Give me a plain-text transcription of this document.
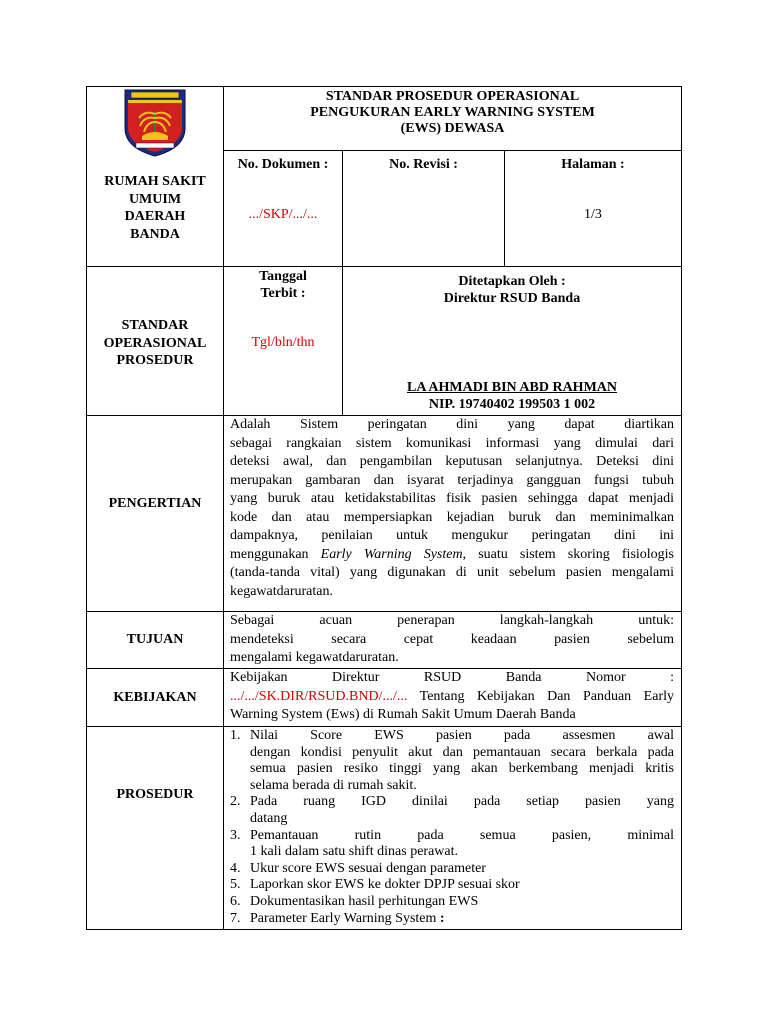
RUMAH SAKIT
UMUIM
DAERAH
BANDA
STANDAR PROSEDUR OPERASIONAL
PENGUKURAN EARLY WARNING SYSTEM
(EWS) DEWASA
No. Dokumen :
.../SKP/.../...
No. Revisi :	Halaman :
1/3
STANDAR
OPERASIONAL
PROSEDUR
Tanggal
Terbit :
Tgl/bln/thn
Ditetapkan Oleh :
Direktur RSUD Banda
LA AHMADI BIN ABD RAHMAN
NIP. 19740402 199503 1 002
PENGERTIAN

Adalah Sistem peringatan dini yang dapat diartikan

sebagai rangkaian sistem komunikasi informasi yang dimulai dari

deteksi awal, dan pengambilan keputusan selanjutnya. Deteksi dini

merupakan gambaran dan isyarat terjadinya gangguan fungsi tubuh

yang buruk atau ketidakstabilitas fisik pasien sehingga dapat menjadi

kode dan atau mempersiapkan kejadian buruk dan meminimalkan

dampaknya, penilaian untuk mengukur peringatan dini ini

menggunakan Early Warning System, suatu sistem skoring fisiologis

(tanda-tanda vital) yang digunakan di unit sebelum pasien mengalami

kegawatdaruratan.

TUJUAN

Sebagai acuan penerapan langkah-langkah untuk:

mendeteksi secara cepat keadaan pasien sebelum

mengalami kegawatdaruratan.

KEBIJAKAN

Kebijakan Direktur RSUD Banda Nomor :

.../.../SK.DIR/RSUD.BND/.../... Tentang Kebijakan Dan Panduan Early

Warning System (Ews) di Rumah Sakit Umum Daerah Banda

PROSEDUR
1. Nilai Score EWS pasien pada assesmen awal
dengan kondisi penyulit akut dan pemantauan secara berkala pada
semua pasien resiko tinggi yang akan berkembang menjadi kritis
selama berada di rumah sakit.
2. Pada ruang IGD dinilai pada setiap pasien yang
datang
3. Pemantauan rutin pada semua pasien, minimal
1 kali dalam satu shift dinas perawat.
4. Ukur score EWS sesuai dengan parameter
5. Laporkan skor EWS ke dokter DPJP sesuai skor
6. Dokumentasikan hasil perhitungan EWS
7. Parameter Early Warning System :
